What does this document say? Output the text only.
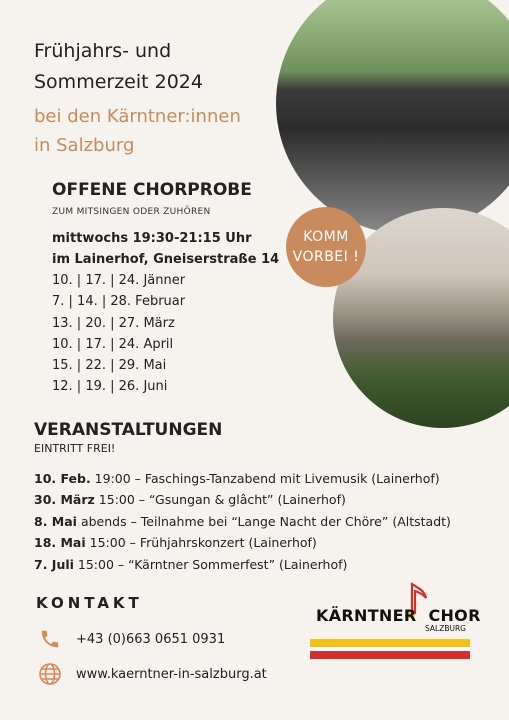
Frühjahrs- und
Sommerzeit 2024
bei den Kärntner:innen
in Salzburg
KOMM
VORBEI !
OFFENE CHORPROBE
ZUM MITSINGEN ODER ZUHÖREN
mittwochs 19:30-21:15 Uhr
im Lainerhof, Gneiserstraße 14
10. | 17. | 24. Jänner
7. | 14. | 28. Februar
13. | 20. | 27. März
10. | 17. | 24. April
15. | 22. | 29. Mai
12. | 19. | 26. Juni
VERANSTALTUNGEN
EINTRITT FREI!
10. Feb. 19:00 – Faschings-Tanzabend mit Livemusik (Lainerhof)
30. März 15:00 – “Gsungan & glâcht” (Lainerhof)
8. Mai abends – Teilnahme bei “Lange Nacht der Chöre” (Altstadt)
18. Mai 15:00 – Frühjahrskonzert (Lainerhof)
7. Juli 15:00 – “Kärntner Sommerfest” (Lainerhof)
KONTAKT
+43 (0)663 0651 0931
www.kaerntner-in-salzburg.at
KÄRNTNER CHOR
SALZBURG
